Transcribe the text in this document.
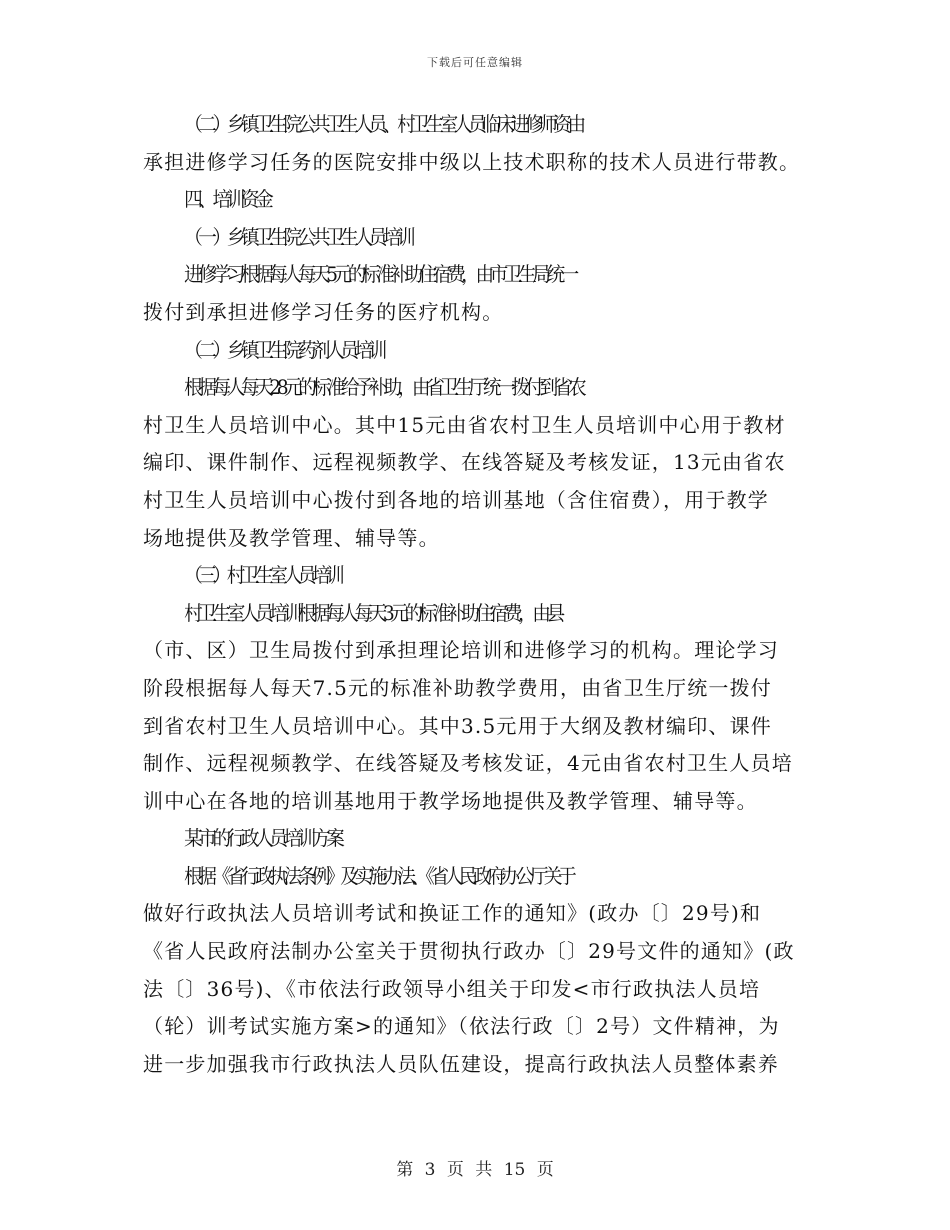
下载后可任意编辑
（二）乡镇卫生院公共卫生人员、村卫生室人员临床进修师资由
承担进修学习任务的医院安排中级以上技术职称的技术人员进行带教。
四、培训资金
（一）乡镇卫生院公共卫生人员培训
进修学习根据每人每天5元的标准补助住宿费，由市卫生局统一
拨付到承担进修学习任务的医疗机构。
（二）乡镇卫生院药剂人员培训
根据每人每天28元的标准给予补助，由省卫生厅统一拨付到省农
村卫生人员培训中心。其中15元由省农村卫生人员培训中心用于教材
编印、课件制作、远程视频教学、在线答疑及考核发证，13元由省农
村卫生人员培训中心拨付到各地的培训基地（含住宿费），用于教学
场地提供及教学管理、辅导等。
（三）村卫生室人员培训
村卫生室人员培训根据每人每天3元的标准补助住宿费，由县
（市、区）卫生局拨付到承担理论培训和进修学习的机构。理论学习
阶段根据每人每天7.5元的标准补助教学费用，由省卫生厅统一拨付
到省农村卫生人员培训中心。其中3.5元用于大纲及教材编印、课件
制作、远程视频教学、在线答疑及考核发证，4元由省农村卫生人员培
训中心在各地的培训基地用于教学场地提供及教学管理、辅导等。
某市的行政人员培训方案
根据《省行政执法条例》及实施办法、《省人民政府办公厅关于
做好行政执法人员培训考试和换证工作的通知》(政办〔〕29号)和
《省人民政府法制办公室关于贯彻执行政办〔〕29号文件的通知》(政
法〔〕36号)、《市依法行政领导小组关于印发<市行政执法人员培
（轮）训考试实施方案>的通知》（依法行政〔〕2号）文件精神，为
进一步加强我市行政执法人员队伍建设，提高行政执法人员整体素养
第 3 页 共 15 页
